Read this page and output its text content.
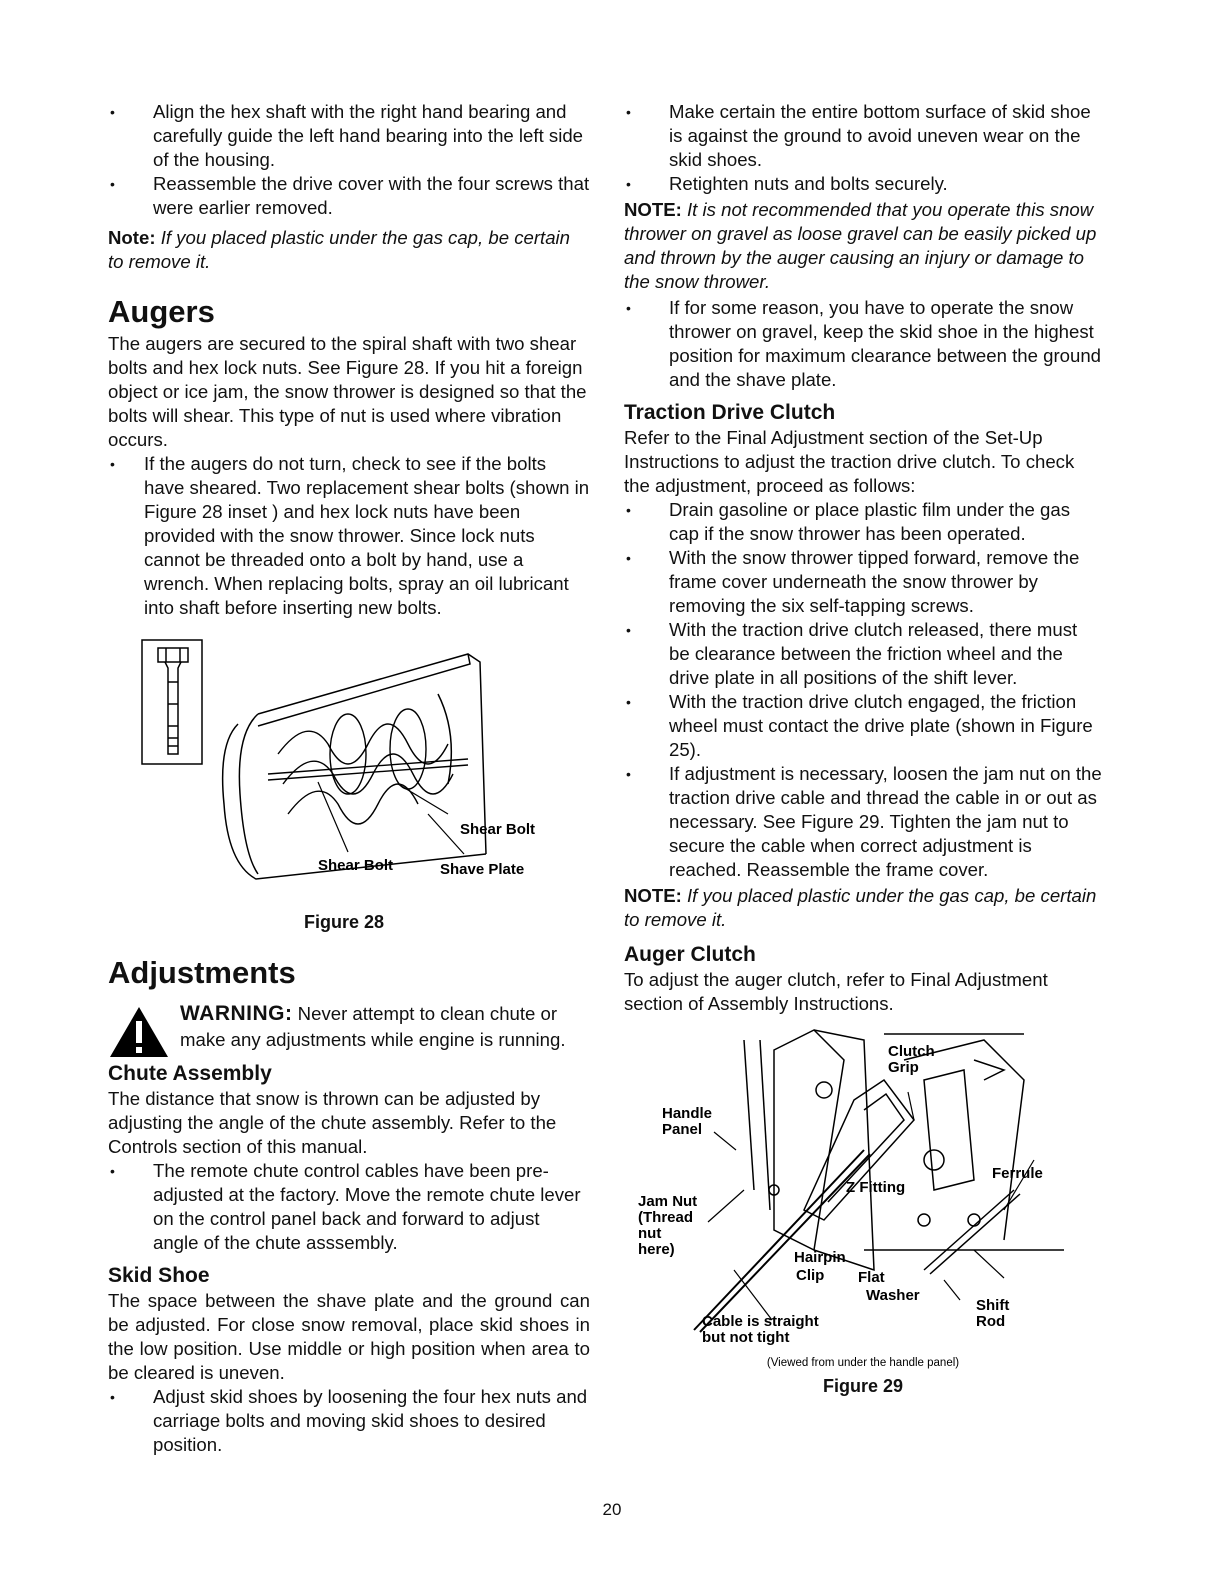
• Align the hex shaft with the right hand bearing and carefully guide the left hand bearing into the left side of the housing.
• Reassemble the drive cover with the four screws that were earlier removed.

Note: If you placed plastic under the gas cap, be certain to remove it.

Augers

The augers are secured to the spiral shaft with two shear bolts and hex lock nuts. See Figure 28. If you hit a foreign object or ice jam, the snow thrower is designed so that the bolts will shear. This type of nut is used where vibration occurs.

• If the augers do not turn, check to see if the bolts have sheared. Two replacement shear bolts (shown in Figure 28 inset ) and hex lock nuts have been provided with the snow thrower. Since lock nuts cannot be threaded onto a bolt by hand, use a wrench. When replacing bolts, spray an oil lubricant into shaft before inserting new bolts.
Shear Bolt
Shear Bolt	Shave Plate
Figure 28
Adjustments
WARNING: Never attempt to clean chute or make any adjustments while engine is running.
Chute Assembly

The distance that snow is thrown can be adjusted by adjusting the angle of the chute assembly. Refer to the Controls section of this manual.

• The remote chute control cables have been pre-adjusted at the factory. Move the remote chute lever on the control panel back and forward to adjust angle of the chute asssembly.
Skid Shoe

The space between the shave plate and the ground can be adjusted. For close snow removal, place skid shoes in the low position. Use middle or high position when area to be cleared is uneven.

• Adjust skid shoes by loosening the four hex nuts and carriage bolts and moving skid shoes to desired position.
• Make certain the entire bottom surface of skid shoe is against the ground to avoid uneven wear on the skid shoes.
• Retighten nuts and bolts securely.

NOTE: It is not recommended that you operate this snow thrower on gravel as loose gravel can be easily picked up and thrown by the auger causing an injury or damage to the snow thrower.

• If for some reason, you have to operate the snow thrower on gravel, keep the skid shoe in the highest position for maximum clearance between the ground and the shave plate.
Traction Drive Clutch

Refer to the Final Adjustment section of the Set-Up Instructions to adjust the traction drive clutch. To check the adjustment, proceed as follows:

• Drain gasoline or place plastic film under the gas cap if the snow thrower has been operated.
• With the snow thrower tipped forward, remove the frame cover underneath the snow thrower by removing the six self-tapping screws.
• With the traction drive clutch released, there must be clearance between the friction wheel and the drive plate in all positions of the shift lever.
• With the traction drive clutch engaged, the friction wheel must contact the drive plate (shown in Figure 25).
• If adjustment is necessary, loosen the jam nut on the traction drive cable and thread the cable in or out as necessary. See Figure 29. Tighten the jam nut to secure the cable when correct adjustment is reached. Reassemble the frame cover.

NOTE: If you placed plastic under the gas cap, be certain to remove it.

Auger Clutch

To adjust the auger clutch, refer to Final Adjustment section of Assembly Instructions.

Clutch
Grip
Handle
Panel
Ferrule
Z Fitting
Jam Nut
(Thread
nut
here)	Hairpin
Clip Flat
Washer
Shift
Rod
Cable is straight
but not tight
(Viewed from under the handle panel)
Figure 29
20
